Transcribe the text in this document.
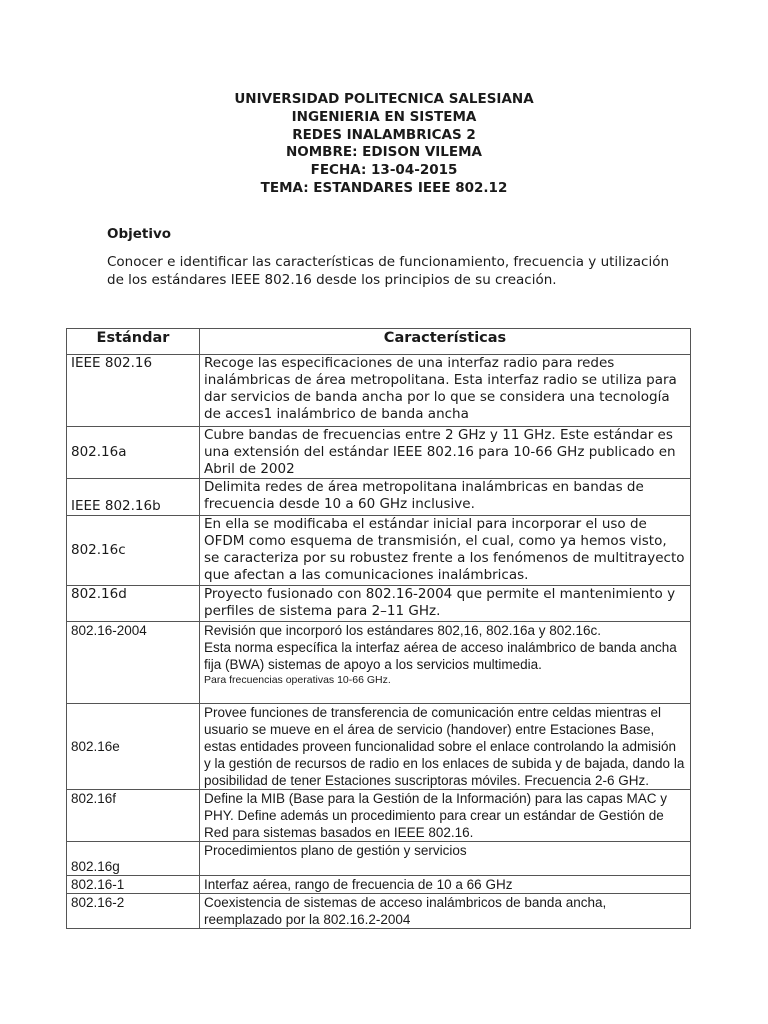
UNIVERSIDAD POLITECNICA SALESIANA
INGENIERIA EN SISTEMA
REDES INALAMBRICAS 2
NOMBRE: EDISON VILEMA
FECHA: 13-04-2015
TEMA: ESTANDARES IEEE 802.12
Objetivo
Conocer e identificar las características de funcionamiento, frecuencia y utilización de los estándares IEEE 802.16 desde los principios de su creación.
Estándar	Características
IEEE 802.16	Recoge las especificaciones de una interfaz radio para redes inalámbricas de área metropolitana. Esta interfaz radio se utiliza para dar servicios de banda ancha por lo que se considera una tecnología de acces1 inalámbrico de banda ancha
802.16a	Cubre bandas de frecuencias entre 2 GHz y 11 GHz. Este estándar es una extensión del estándar IEEE 802.16 para 10-66 GHz publicado en Abril de 2002
IEEE 802.16b	Delimita redes de área metropolitana inalámbricas en bandas de frecuencia desde 10 a 60 GHz inclusive.
802.16c	En ella se modificaba el estándar inicial para incorporar el uso de OFDM como esquema de transmisión, el cual, como ya hemos visto, se caracteriza por su robustez frente a los fenómenos de multitrayecto que afectan a las comunicaciones inalámbricas.
802.16d	Proyecto fusionado con 802.16-2004 que permite el mantenimiento y perfiles de sistema para 2–11 GHz.
802.16-2004	Revisión que incorporó los estándares 802,16, 802.16a y 802.16c.
Esta norma específica la interfaz aérea de acceso inalámbrico de banda ancha fija (BWA) sistemas de apoyo a los servicios multimedia.
Para frecuencias operativas 10-66 GHz.

802.16e	Provee funciones de transferencia de comunicación entre celdas mientras el usuario se mueve en el área de servicio (handover) entre Estaciones Base, estas entidades proveen funcionalidad sobre el enlace controlando la admisión y la gestión de recursos de radio en los enlaces de subida y de bajada, dando la posibilidad de tener Estaciones suscriptoras móviles. Frecuencia 2-6 GHz.
802.16f	Define la MIB (Base para la Gestión de la Información) para las capas MAC y PHY. Define además un procedimiento para crear un estándar de Gestión de Red para sistemas basados en IEEE 802.16.
802.16g	Procedimientos plano de gestión y servicios
802.16-1	Interfaz aérea, rango de frecuencia de 10 a 66 GHz
802.16-2	Coexistencia de sistemas de acceso inalámbricos de banda ancha, reemplazado por la 802.16.2-2004
